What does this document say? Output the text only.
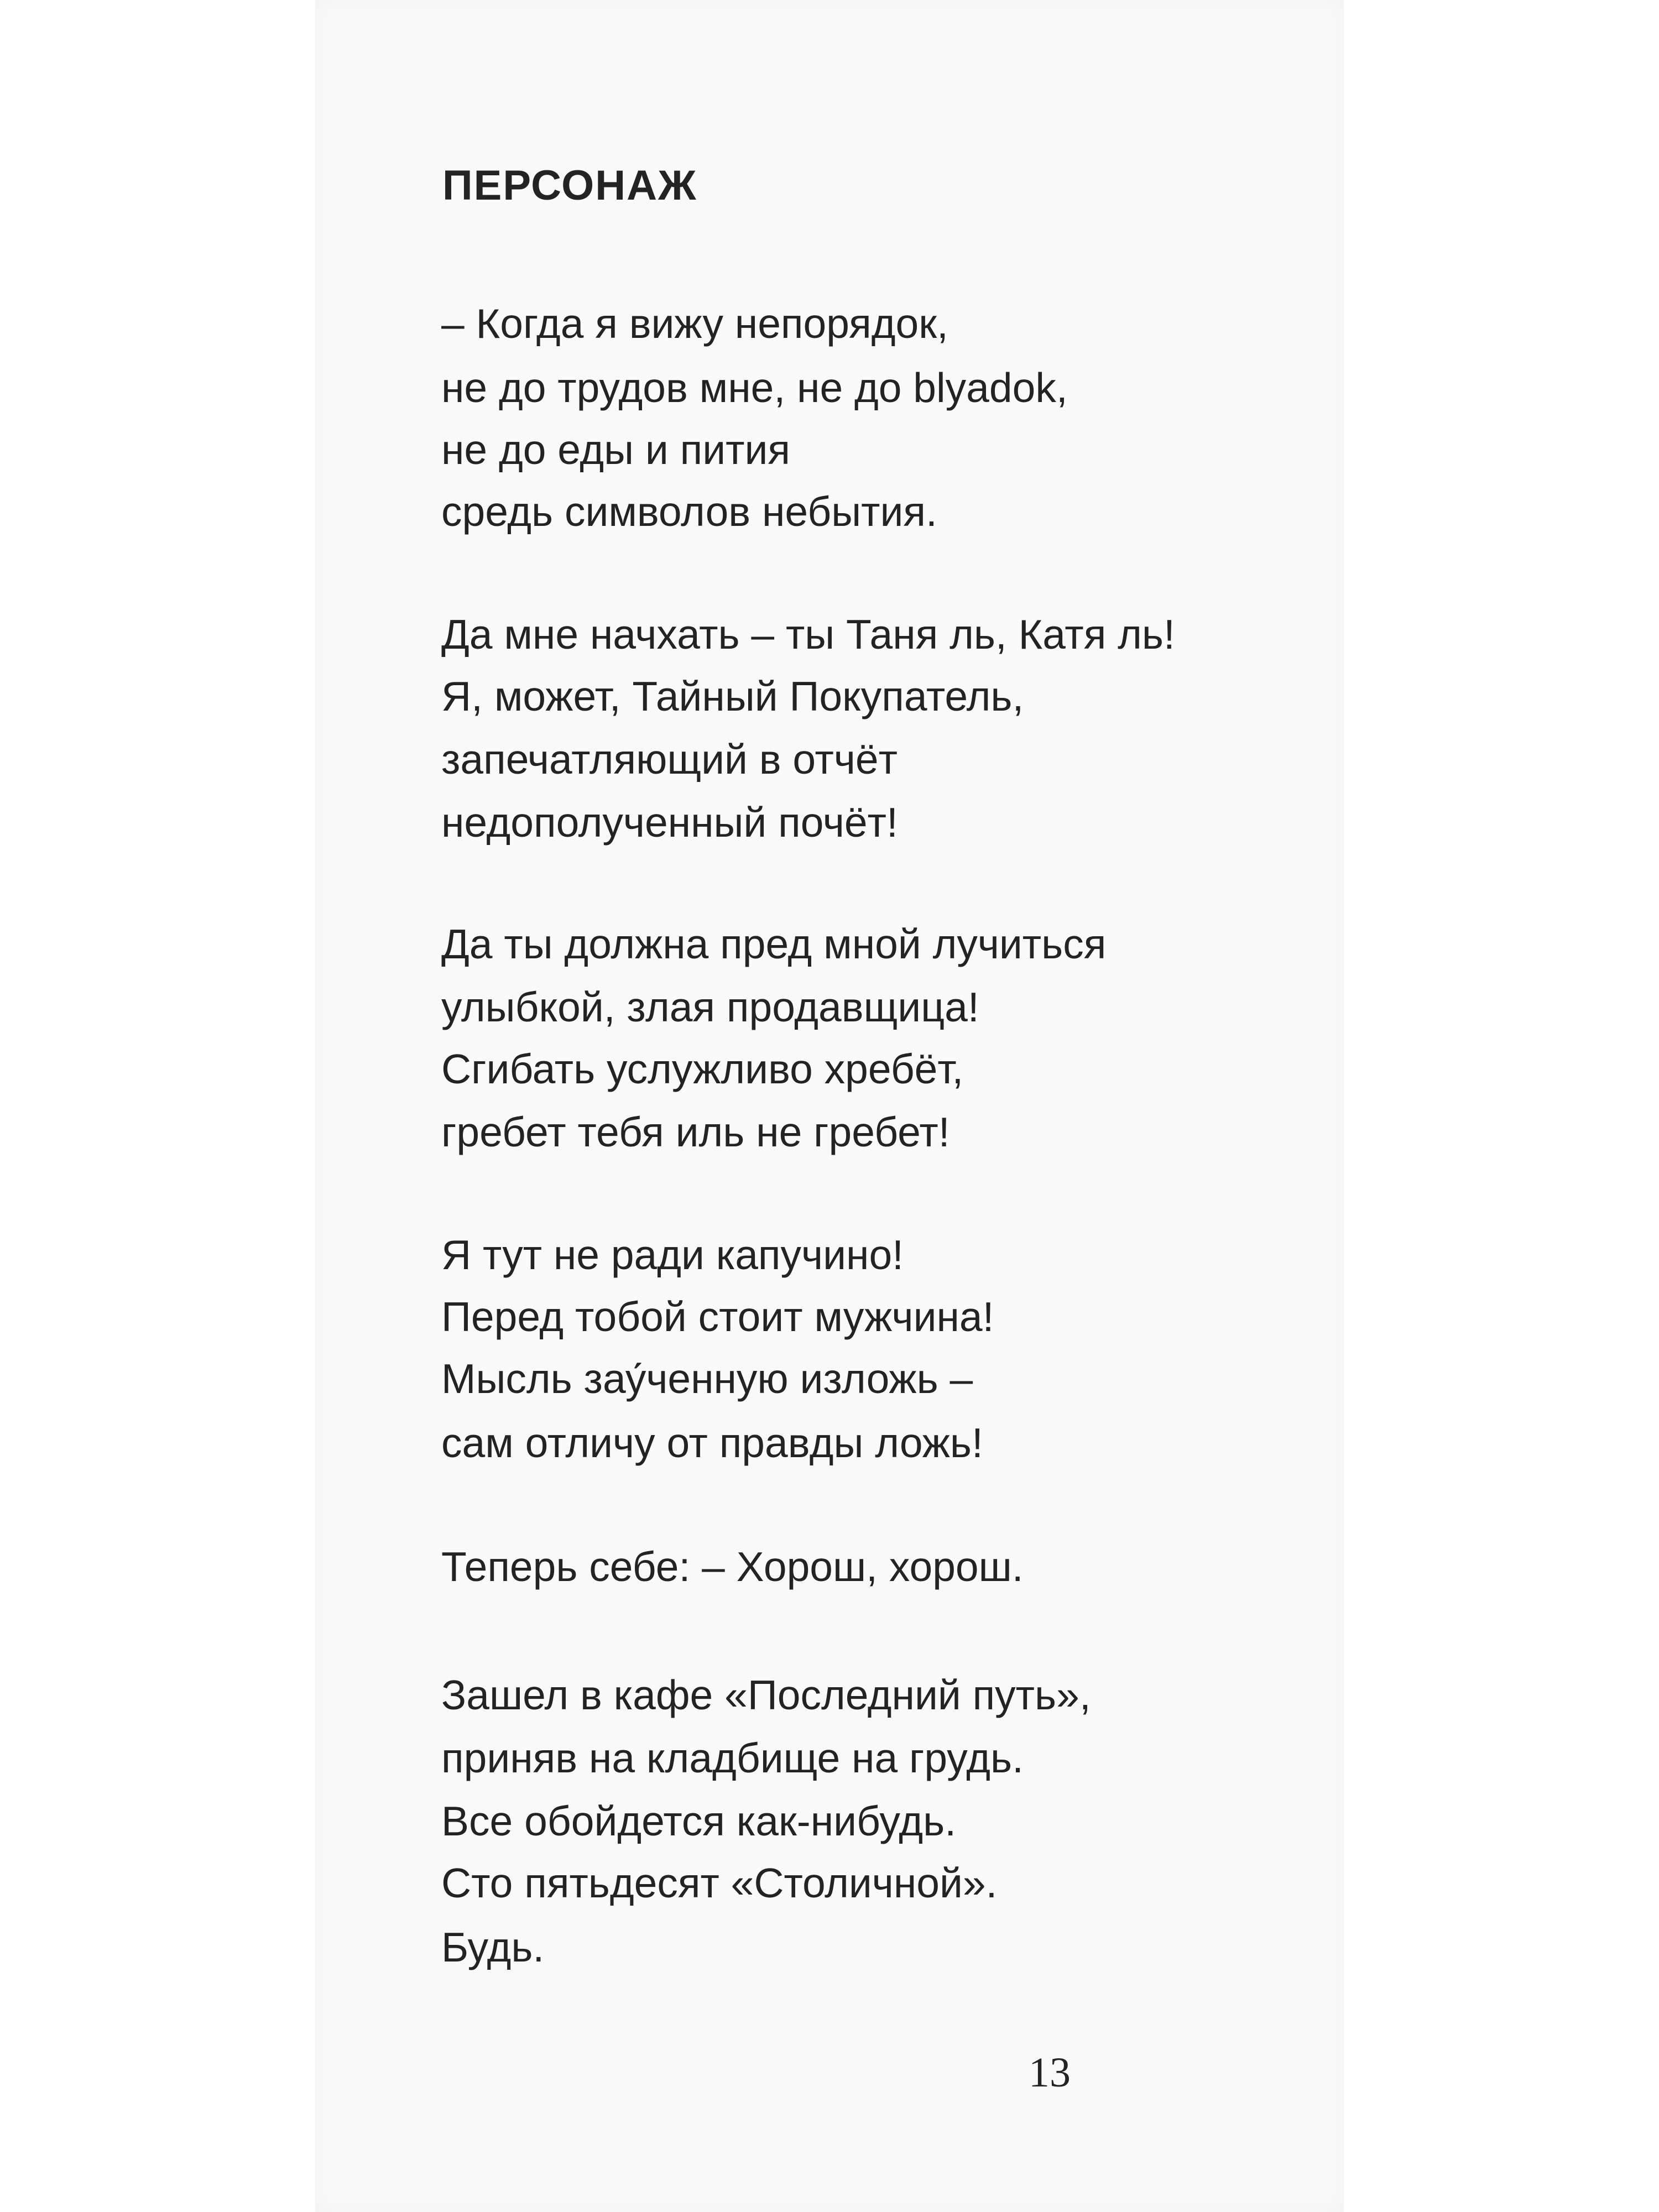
ПЕРСОНАЖ

– Когда я вижу непорядок,

не до трудов мне, не до blyadok,

не до еды и пития

средь символов небытия.

Да мне начхать – ты Таня ль, Катя ль!

Я, может, Тайный Покупатель,

запечатляющий в отчёт

недополученный почёт!

Да ты должна пред мной лучиться

улыбкой, злая продавщица!

Сгибать услужливо хребёт,

гребет тебя иль не гребет!

Я тут не ради капучино!

Перед тобой стоит мужчина!

Мысль зау́ченную изложь –

сам отличу от правды ложь!

Теперь себе: – Хорош, хорош.

Зашел в кафе «Последний путь»,

приняв на кладбище на грудь.

Все обойдется как-нибудь.

Сто пятьдесят «Столичной».

Будь.

13
